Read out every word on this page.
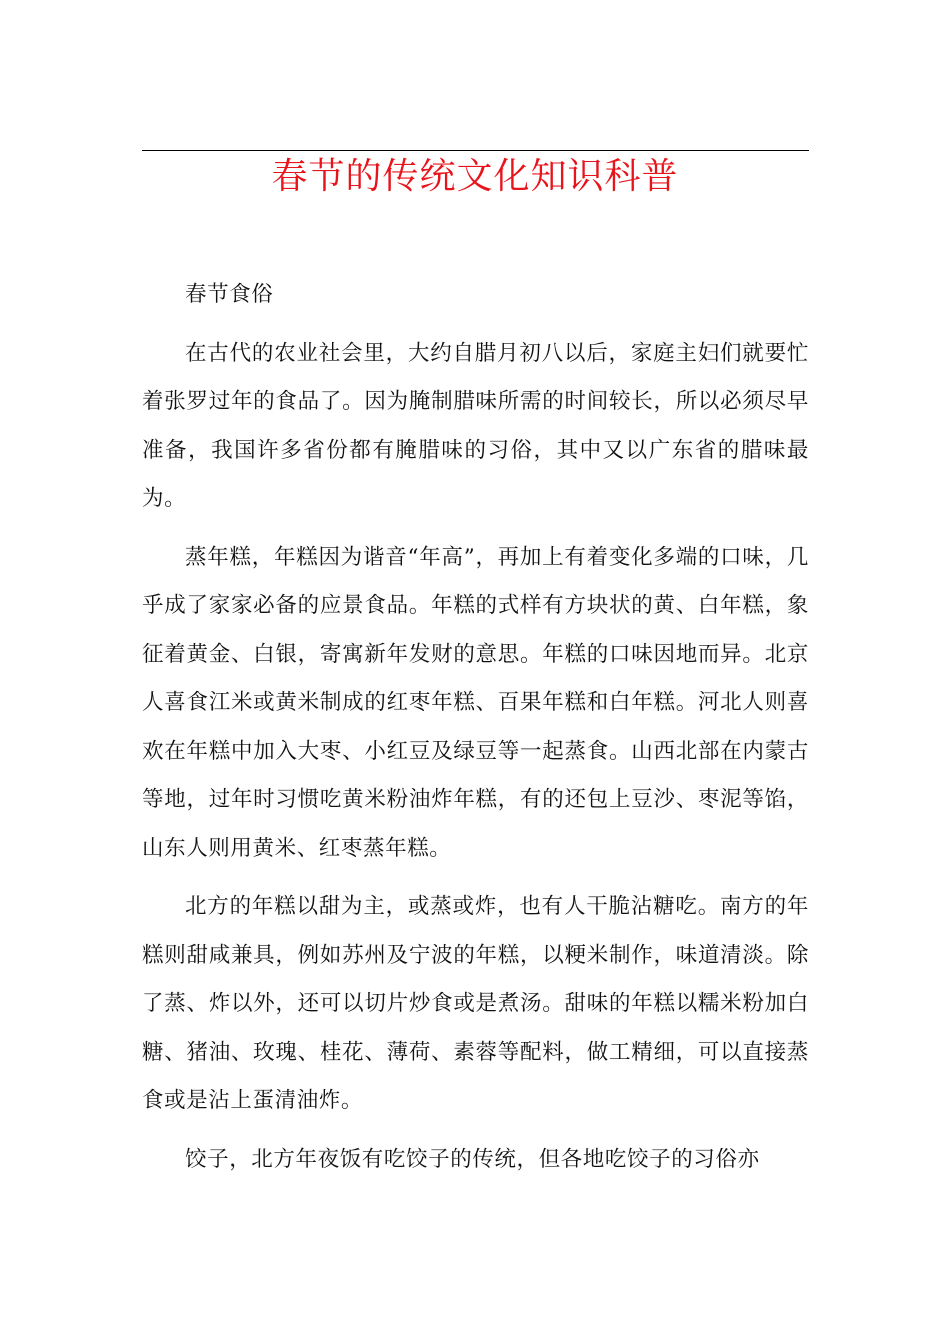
春节的传统文化知识科普

春节食俗

在古代的农业社会里，大约自腊月初八以后，家庭主妇们就要忙着张罗过年的食品了。因为腌制腊味所需的时间较长，所以必须尽早准备，我国许多省份都有腌腊味的习俗，其中又以广东省的腊味最为。

蒸年糕，年糕因为谐音“年高”，再加上有着变化多端的口味，几乎成了家家必备的应景食品。年糕的式样有方块状的黄、白年糕，象征着黄金、白银，寄寓新年发财的意思。年糕的口味因地而异。北京人喜食江米或黄米制成的红枣年糕、百果年糕和白年糕。河北人则喜欢在年糕中加入大枣、小红豆及绿豆等一起蒸食。山西北部在内蒙古等地，过年时习惯吃黄米粉油炸年糕，有的还包上豆沙、枣泥等馅，山东人则用黄米、红枣蒸年糕。

北方的年糕以甜为主，或蒸或炸，也有人干脆沾糖吃。南方的年糕则甜咸兼具，例如苏州及宁波的年糕，以粳米制作，味道清淡。除了蒸、炸以外，还可以切片炒食或是煮汤。甜味的年糕以糯米粉加白糖、猪油、玫瑰、桂花、薄荷、素蓉等配料，做工精细，可以直接蒸食或是沾上蛋清油炸。

饺子，北方年夜饭有吃饺子的传统，但各地吃饺子的习俗亦
